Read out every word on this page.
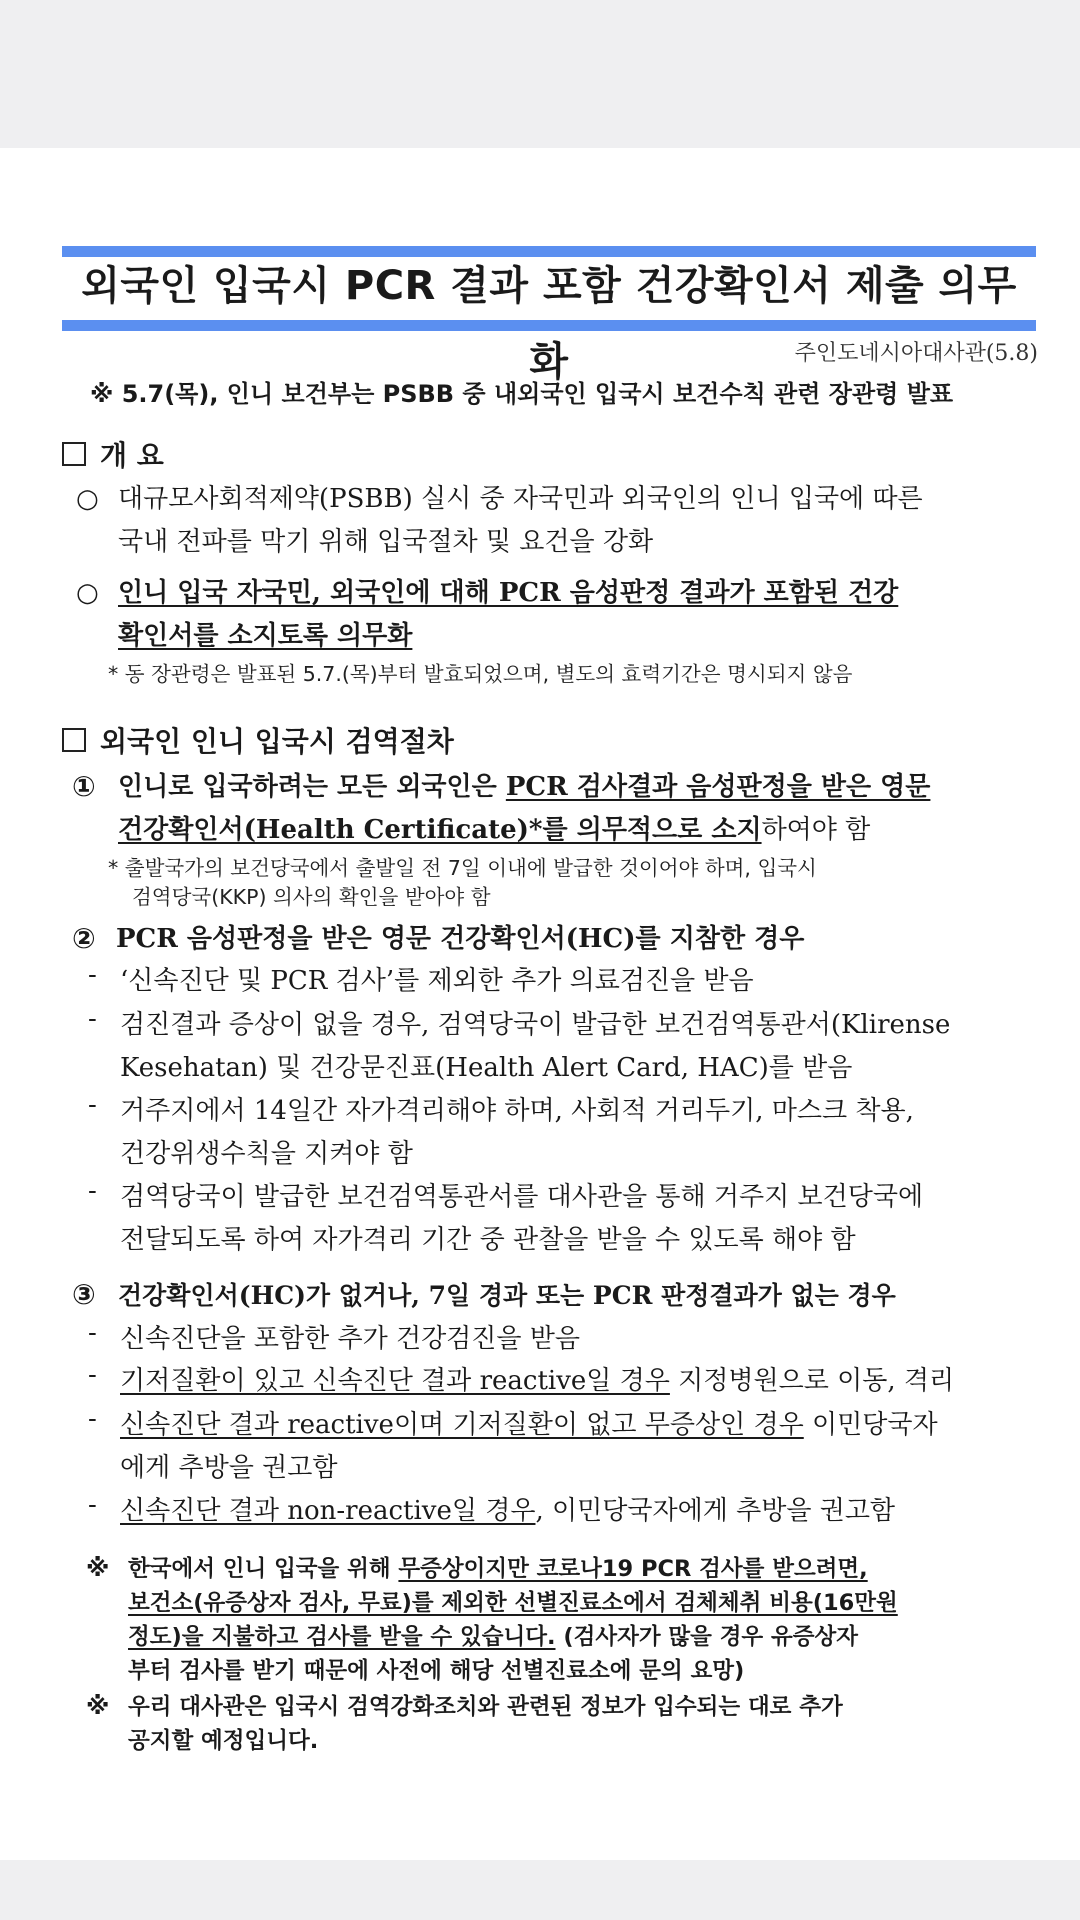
외국인 입국시 PCR 결과 포함 건강확인서 제출 의무화	주인도네시아대사관(5.8)
※ 5.7(목), 인니 보건부는 PSBB 중 내외국인 입국시 보건수칙 관련 장관령 발표
개 요
○ 대규모사회적제약(PSBB) 실시 중 자국민과 외국인의 인니 입국에 따른
국내 전파를 막기 위해 입국절차 및 요건을 강화
○ 인니 입국 자국민, 외국인에 대해 PCR 음성판정 결과가 포함된 건강
확인서를 소지토록 의무화
* 동 장관령은 발표된 5.7.(목)부터 발효되었으며, 별도의 효력기간은 명시되지 않음
외국인 인니 입국시 검역절차
① 인니로 입국하려는 모든 외국인은 PCR 검사결과 음성판정을 받은 영문
건강확인서(Health Certificate)*를 의무적으로 소지하여야 함
* 출발국가의 보건당국에서 출발일 전 7일 이내에 발급한 것이어야 하며, 입국시
검역당국(KKP) 의사의 확인을 받아야 함
② PCR 음성판정을 받은 영문 건강확인서(HC)를 지참한 경우
- ‘신속진단 및 PCR 검사’를 제외한 추가 의료검진을 받음
- 검진결과 증상이 없을 경우, 검역당국이 발급한 보건검역통관서(Klirense
Kesehatan) 및 건강문진표(Health Alert Card, HAC)를 받음
- 거주지에서 14일간 자가격리해야 하며, 사회적 거리두기, 마스크 착용,
건강위생수칙을 지켜야 함
- 검역당국이 발급한 보건검역통관서를 대사관을 통해 거주지 보건당국에
전달되도록 하여 자가격리 기간 중 관찰을 받을 수 있도록 해야 함
③ 건강확인서(HC)가 없거나, 7일 경과 또는 PCR 판정결과가 없는 경우
- 신속진단을 포함한 추가 건강검진을 받음
- 기저질환이 있고 신속진단 결과 reactive일 경우 지정병원으로 이동, 격리
- 신속진단 결과 reactive이며 기저질환이 없고 무증상인 경우 이민당국자
에게 추방을 권고함
- 신속진단 결과 non-reactive일 경우, 이민당국자에게 추방을 권고함
※ 한국에서 인니 입국을 위해 무증상이지만 코로나19 PCR 검사를 받으려면,
보건소(유증상자 검사, 무료)를 제외한 선별진료소에서 검체체취 비용(16만원
정도)을 지불하고 검사를 받을 수 있습니다. (검사자가 많을 경우 유증상자
부터 검사를 받기 때문에 사전에 해당 선별진료소에 문의 요망)
※ 우리 대사관은 입국시 검역강화조치와 관련된 정보가 입수되는 대로 추가
공지할 예정입니다.
